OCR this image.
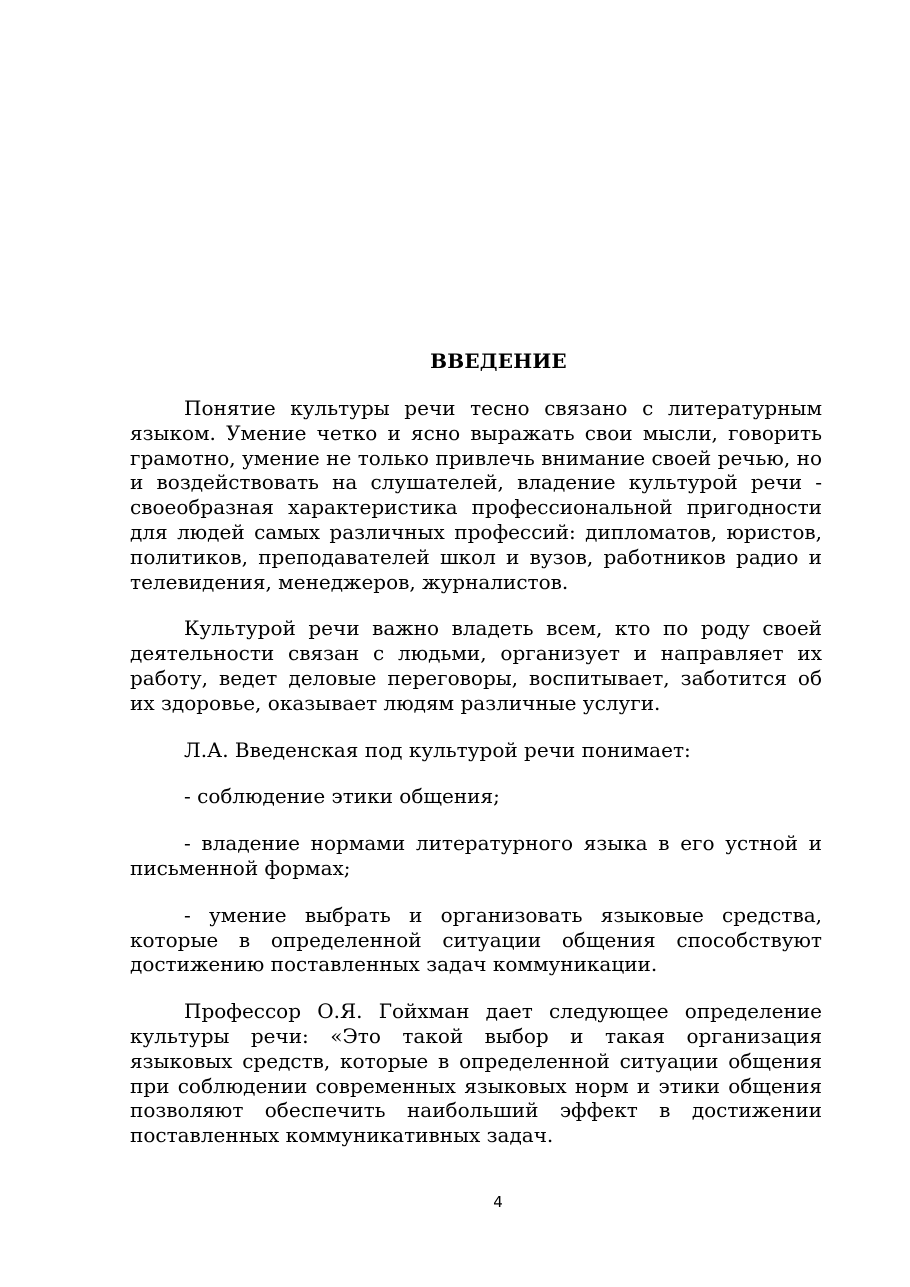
ВВЕДЕНИЕ

Понятие культуры речи тесно связано с литературным языком. Умение четко и ясно выражать свои мысли, говорить грамотно, умение не только привлечь внимание своей речью, но и воздействовать на слушателей, владение культурой речи - своеобразная характеристика профессиональной пригодности для людей самых различных профессий: дипломатов, юристов, политиков, преподавателей школ и вузов, работников радио и телевидения, менеджеров, журналистов.

Культурой речи важно владеть всем, кто по роду своей деятельности связан с людьми, организует и направляет их работу, ведет деловые переговоры, воспитывает, заботится об их здоровье, оказывает людям различные услуги.

Л.А. Введенская под культурой речи понимает:

- соблюдение этики общения;

- владение нормами литературного языка в его устной и письменной формах;

- умение выбрать и организовать языковые средства, которые в определенной ситуации общения способствуют достижению поставленных задач коммуникации.

Профессор О.Я. Гойхман дает следующее определение культуры речи: «Это такой выбор и такая организация языковых средств, которые в определенной ситуации общения при соблюдении современных языковых норм и этики общения позволяют обеспечить наибольший эффект в достижении поставленных коммуникативных задач.

4
